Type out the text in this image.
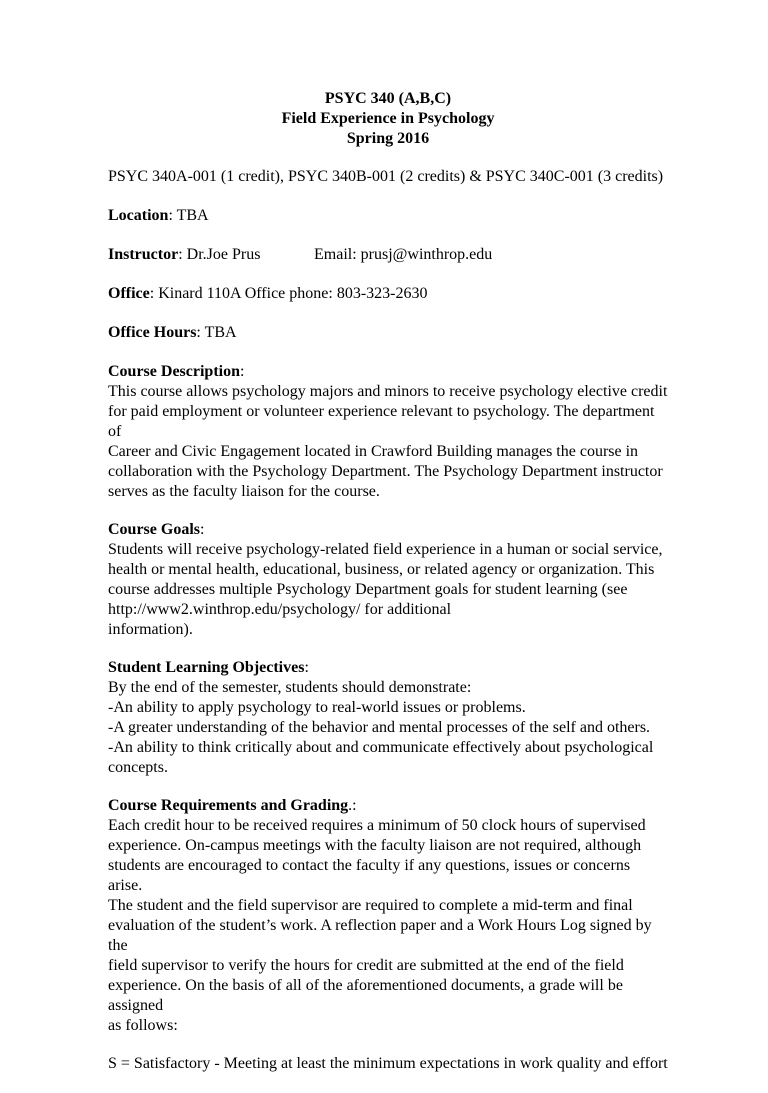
PSYC 340 (A,B,C)
Field Experience in Psychology
Spring 2016

PSYC 340A-001 (1 credit), PSYC 340B-001 (2 credits) & PSYC 340C-001 (3 credits)

Location: TBA

Instructor: Dr.Joe Prus	Email: prusj@winthrop.edu

Office: Kinard 110A Office phone: 803-323-2630

Office Hours: TBA

Course Description:
This course allows psychology majors and minors to receive psychology elective credit
for paid employment or volunteer experience relevant to psychology. The department of
Career and Civic Engagement located in Crawford Building manages the course in
collaboration with the Psychology Department. The Psychology Department instructor
serves as the faculty liaison for the course.
Course Goals:
Students will receive psychology-related field experience in a human or social service,
health or mental health, educational, business, or related agency or organization. This
course addresses multiple Psychology Department goals for student learning (see
http://www2.winthrop.edu/psychology/ for additional
information).
Student Learning Objectives:
By the end of the semester, students should demonstrate:
-An ability to apply psychology to real-world issues or problems.
-A greater understanding of the behavior and mental processes of the self and others.
-An ability to think critically about and communicate effectively about psychological
concepts.
Course Requirements and Grading.:
Each credit hour to be received requires a minimum of 50 clock hours of supervised
experience. On-campus meetings with the faculty liaison are not required, although
students are encouraged to contact the faculty if any questions, issues or concerns arise.
The student and the field supervisor are required to complete a mid-term and final
evaluation of the student’s work. A reflection paper and a Work Hours Log signed by the
field supervisor to verify the hours for credit are submitted at the end of the field
experience. On the basis of all of the aforementioned documents, a grade will be assigned
as follows:

S = Satisfactory - Meeting at least the minimum expectations in work quality and effort
